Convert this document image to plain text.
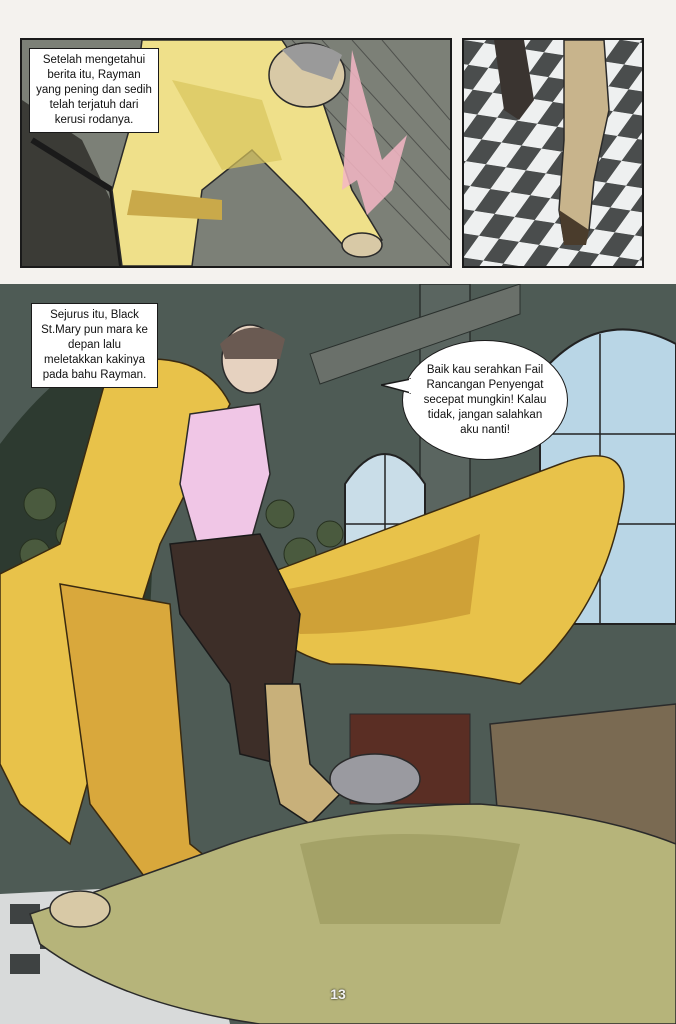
Setelah mengetahui berita itu, Rayman yang pening dan sedih telah terjatuh dari kerusi rodanya.
Sejurus itu, Black St.Mary pun mara ke depan lalu meletakkan kakinya pada bahu Rayman.	Baik kau serahkan Fail Rancangan Penyengat secepat mungkin! Kalau tidak, jangan salahkan aku nanti!
13
